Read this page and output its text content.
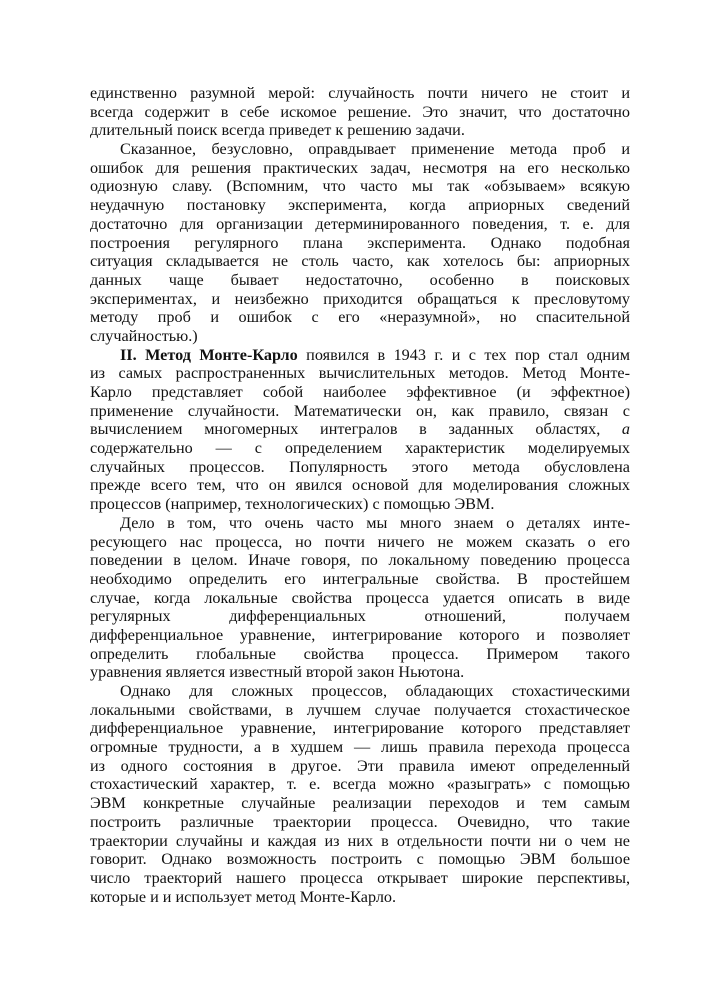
единственно разумной мерой: случайность почти ничего не стоит и
всегда содержит в себе искомое решение. Это значит, что достаточно
длительный поиск всегда приведет к решению задачи.
Сказанное, безусловно, оправдывает применение метода проб и
ошибок для решения практических задач, несмотря на его несколько
одиозную славу. (Вспомним, что часто мы так «обзываем» всякую
неудачную постановку эксперимента, когда априорных сведений
достаточно для организации детерминированного поведения, т. е. для
построения регулярного плана эксперимента. Однако подобная
ситуация складывается не столь часто, как хотелось бы: априорных
данных чаще бывает недостаточно, особенно в поисковых
экспериментах, и неизбежно приходится обращаться к пресловутому
методу проб и ошибок с его «неразумной», но спасительной
случайностью.)
II. Метод Монте-Карло появился в 1943 г. и с тех пор стал одним
из самых распространенных вычислительных методов. Метод Монте-
Карло представляет собой наиболее эффективное (и эффектное)
применение случайности. Математически он, как правило, связан с
вычислением многомерных интегралов в заданных областях, а
содержательно — с определением характеристик моделируемых
случайных процессов. Популярность этого метода обусловлена
прежде всего тем, что он явился основой для моделирования сложных
процессов (например, технологических) с помощью ЭВМ.
Дело в том, что очень часто мы много знаем о деталях инте-
ресующего нас процесса, но почти ничего не можем сказать о его
поведении в целом. Иначе говоря, по локальному поведению процесса
необходимо определить его интегральные свойства. В простейшем
случае, когда локальные свойства процесса удается описать в виде
регулярных дифференциальных отношений, получаем
дифференциальное уравнение, интегрирование которого и позволяет
определить глобальные свойства процесса. Примером такого
уравнения является известный второй закон Ньютона.
Однако для сложных процессов, обладающих стохастическими
локальными свойствами, в лучшем случае получается стохастическое
дифференциальное уравнение, интегрирование которого представляет
огромные трудности, а в худшем — лишь правила перехода процесса
из одного состояния в другое. Эти правила имеют определенный
стохастический характер, т. е. всегда можно «разыграть» с помощью
ЭВМ конкретные случайные реализации переходов и тем самым
построить различные траектории процесса. Очевидно, что такие
траектории случайны и каждая из них в отдельности почти ни о чем не
говорит. Однако возможность построить с помощью ЭВМ большое
число траекторий нашего процесса открывает широкие перспективы,
которые и и использует метод Монте-Карло.
